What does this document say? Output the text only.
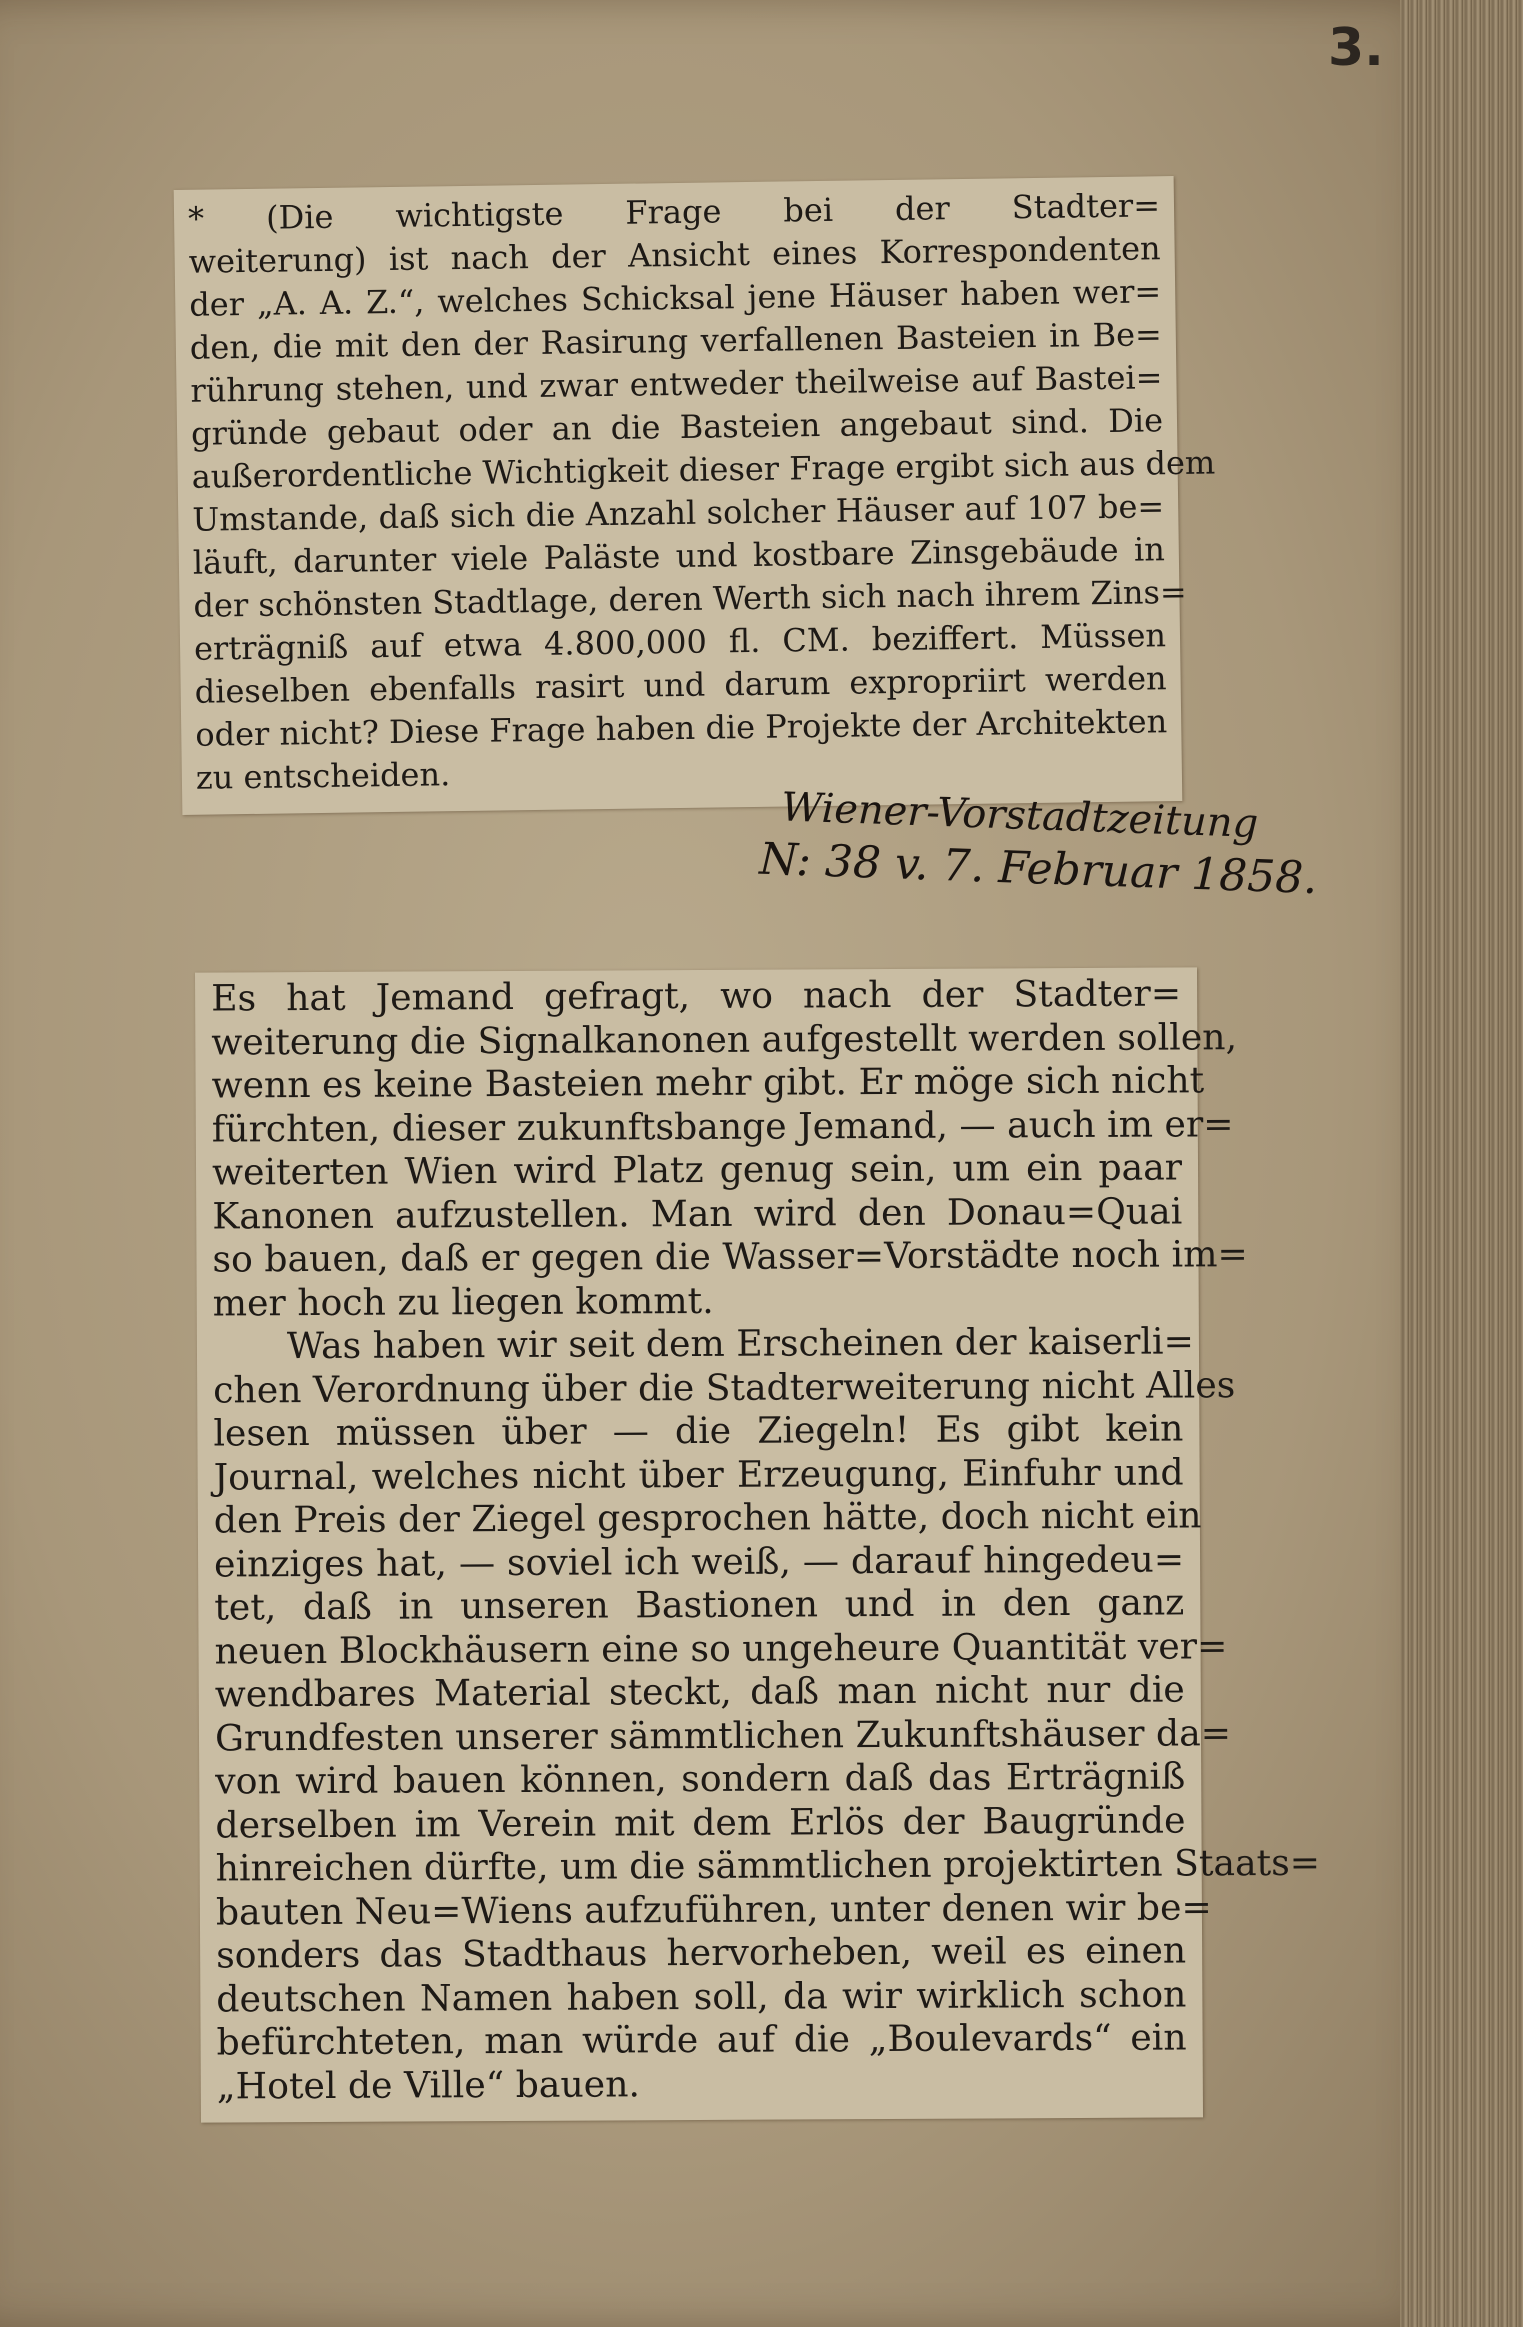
3.

* (Die wichtigste Frage bei der Stadter=

weiterung) ist nach der Ansicht eines Korrespondenten

der „A. A. Z.“, welches Schicksal jene Häuser haben wer=

den, die mit den der Rasirung verfallenen Basteien in Be=

rührung stehen, und zwar entweder theilweise auf Bastei=

gründe gebaut oder an die Basteien angebaut sind. Die

außerordentliche Wichtigkeit dieser Frage ergibt sich aus dem

Umstande, daß sich die Anzahl solcher Häuser auf 107 be=

läuft, darunter viele Paläste und kostbare Zinsgebäude in

der schönsten Stadtlage, deren Werth sich nach ihrem Zins=

erträgniß auf etwa 4.800,000 fl. CM. beziffert. Müssen

dieselben ebenfalls rasirt und darum expropriirt werden

oder nicht? Diese Frage haben die Projekte der Architekten

zu entscheiden.

Wiener-Vorstadtzeitung
N: 38 v. 7. Februar 1858.

Es hat Jemand gefragt, wo nach der Stadter=

weiterung die Signalkanonen aufgestellt werden sollen,

wenn es keine Basteien mehr gibt. Er möge sich nicht

fürchten, dieser zukunftsbange Jemand, — auch im er=

weiterten Wien wird Platz genug sein, um ein paar

Kanonen aufzustellen. Man wird den Donau=Quai

so bauen, daß er gegen die Wasser=Vorstädte noch im=

mer hoch zu liegen kommt.

Was haben wir seit dem Erscheinen der kaiserli=

chen Verordnung über die Stadterweiterung nicht Alles

lesen müssen über — die Ziegeln! Es gibt kein

Journal, welches nicht über Erzeugung, Einfuhr und

den Preis der Ziegel gesprochen hätte, doch nicht ein

einziges hat, — soviel ich weiß, — darauf hingedeu=

tet, daß in unseren Bastionen und in den ganz

neuen Blockhäusern eine so ungeheure Quantität ver=

wendbares Material steckt, daß man nicht nur die

Grundfesten unserer sämmtlichen Zukunftshäuser da=

von wird bauen können, sondern daß das Erträgniß

derselben im Verein mit dem Erlös der Baugründe

hinreichen dürfte, um die sämmtlichen projektirten Staats=

bauten Neu=Wiens aufzuführen, unter denen wir be=

sonders das Stadthaus hervorheben, weil es einen

deutschen Namen haben soll, da wir wirklich schon

befürchteten, man würde auf die „Boulevards“ ein

„Hotel de Ville“ bauen.
